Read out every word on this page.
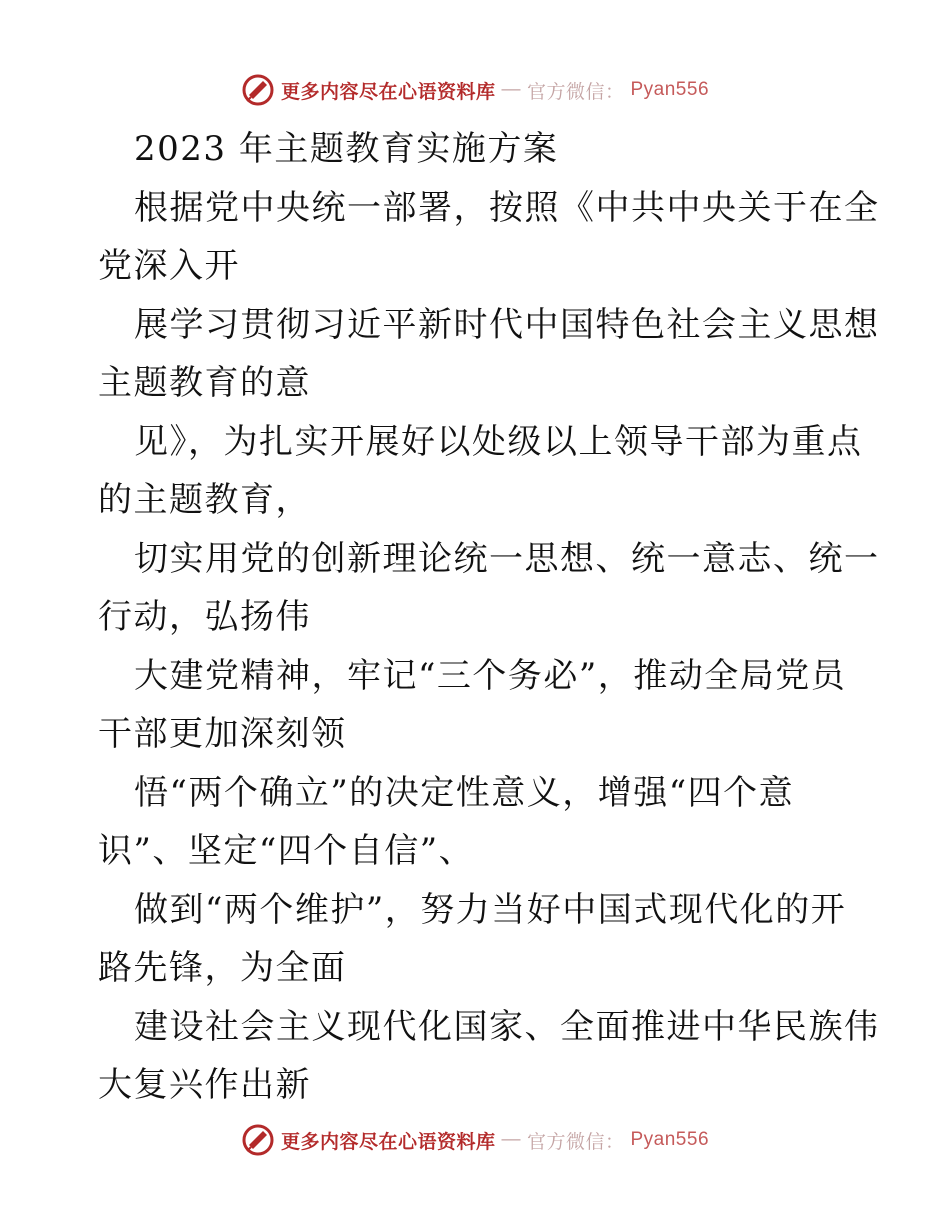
更多内容尽在心语资料库 — 官方微信： Pyan556
2023 年主题教育实施方案
根据党中央统一部署，按照《中共中央关于在全
党深入开
展学习贯彻习近平新时代中国特色社会主义思想
主题教育的意
见》，为扎实开展好以处级以上领导干部为重点
的主题教育，
切实用党的创新理论统一思想、统一意志、统一
行动，弘扬伟
大建党精神，牢记“三个务必”，推动全局党员
干部更加深刻领
悟“两个确立”的决定性意义，增强“四个意
识”、坚定“四个自信”、
做到“两个维护”，努力当好中国式现代化的开
路先锋，为全面
建设社会主义现代化国家、全面推进中华民族伟
大复兴作出新
更多内容尽在心语资料库 — 官方微信： Pyan556
